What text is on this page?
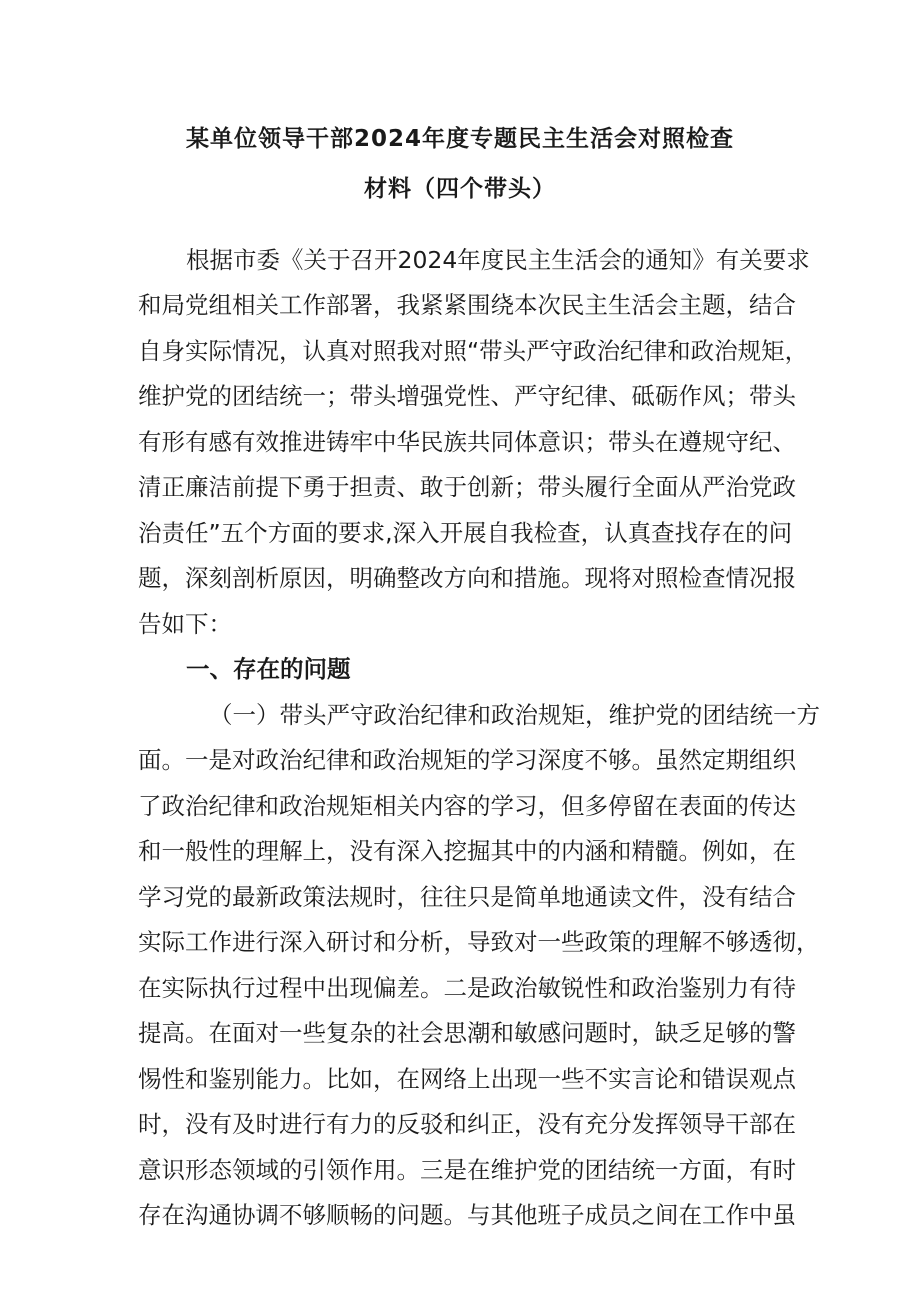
某单位领导干部2024年度专题民主生活会对照检查
材料（四个带头）
根据市委《关于召开2024年度民主生活会的通知》有关要求
和局党组相关工作部署，我紧紧围绕本次民主生活会主题，结合
自身实际情况，认真对照我对照“带头严守政治纪律和政治规矩，
维护党的团结统一；带头增强党性、严守纪律、砥砺作风；带头
有形有感有效推进铸牢中华民族共同体意识；带头在遵规守纪、
清正廉洁前提下勇于担责、敢于创新；带头履行全面从严治党政
治责任”五个方面的要求,深入开展自我检查，认真查找存在的问
题，深刻剖析原因，明确整改方向和措施。现将对照检查情况报
告如下：
一、存在的问题
（一）带头严守政治纪律和政治规矩，维护党的团结统一方
面。一是对政治纪律和政治规矩的学习深度不够。虽然定期组织
了政治纪律和政治规矩相关内容的学习，但多停留在表面的传达
和一般性的理解上，没有深入挖掘其中的内涵和精髓。例如，在
学习党的最新政策法规时，往往只是简单地通读文件，没有结合
实际工作进行深入研讨和分析，导致对一些政策的理解不够透彻，
在实际执行过程中出现偏差。二是政治敏锐性和政治鉴别力有待
提高。在面对一些复杂的社会思潮和敏感问题时，缺乏足够的警
惕性和鉴别能力。比如，在网络上出现一些不实言论和错误观点
时，没有及时进行有力的反驳和纠正，没有充分发挥领导干部在
意识形态领域的引领作用。三是在维护党的团结统一方面，有时
存在沟通协调不够顺畅的问题。与其他班子成员之间在工作中虽
